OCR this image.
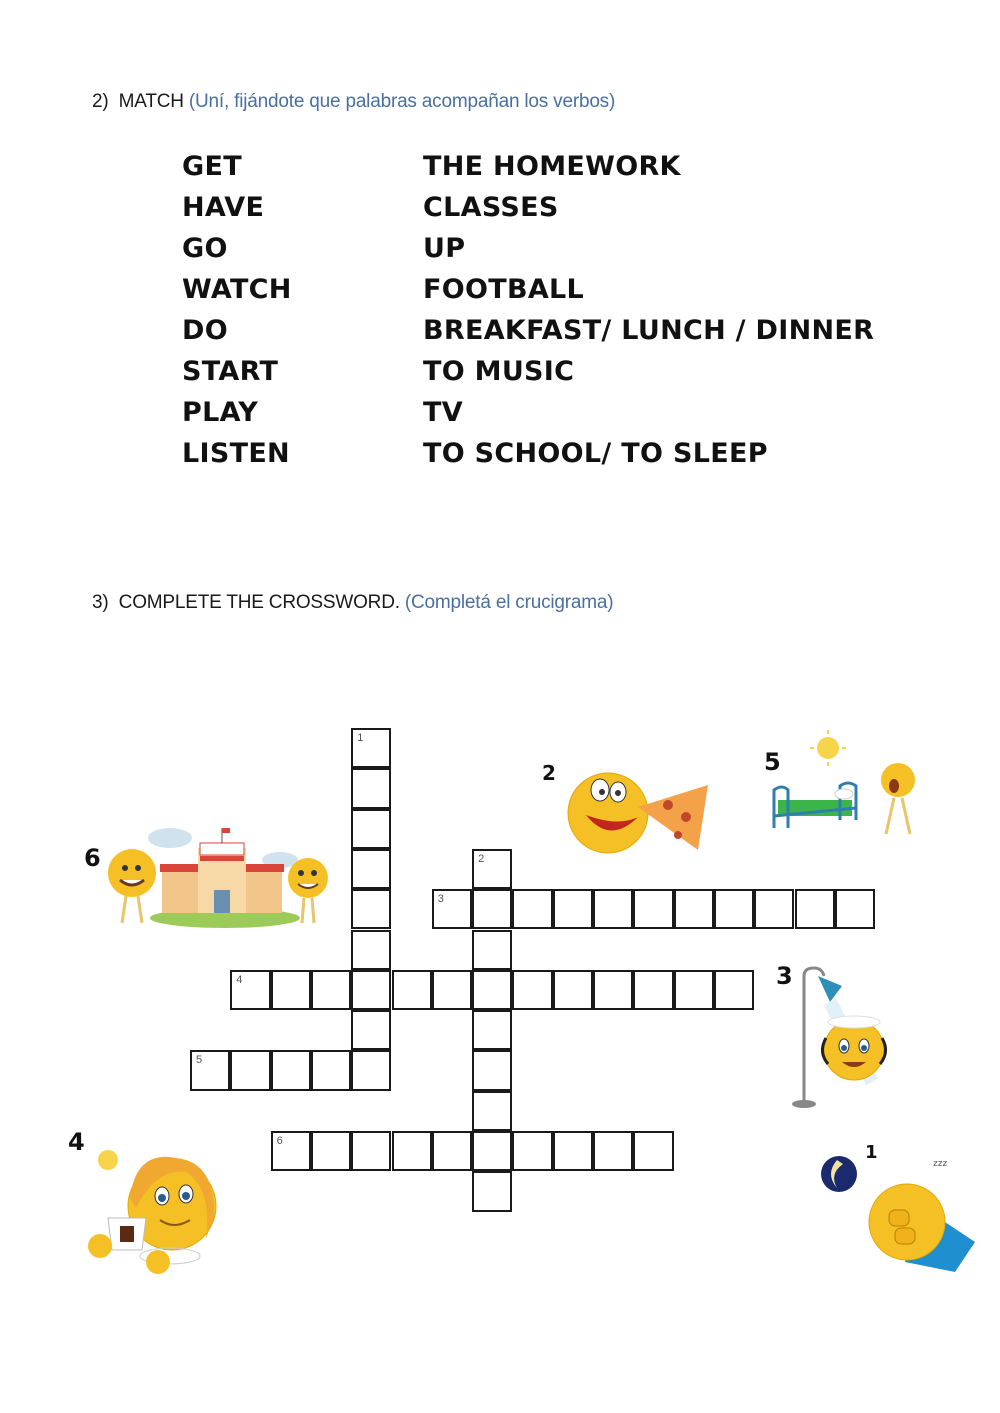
2) MATCH (Uní, fijándote que palabras acompañan los verbos)
GET	THE HOMEWORK
HAVE	CLASSES
GO	UP
WATCH	FOOTBALL
DO	BREAKFAST/ LUNCH / DINNER
START	TO MUSIC
PLAY	TV
LISTEN	TO SCHOOL/ TO SLEEP
3) COMPLETE THE CROSSWORD. (Completá el crucigrama)
1
2
3
4
5
6
6
2	5
3
1
zzz
4
